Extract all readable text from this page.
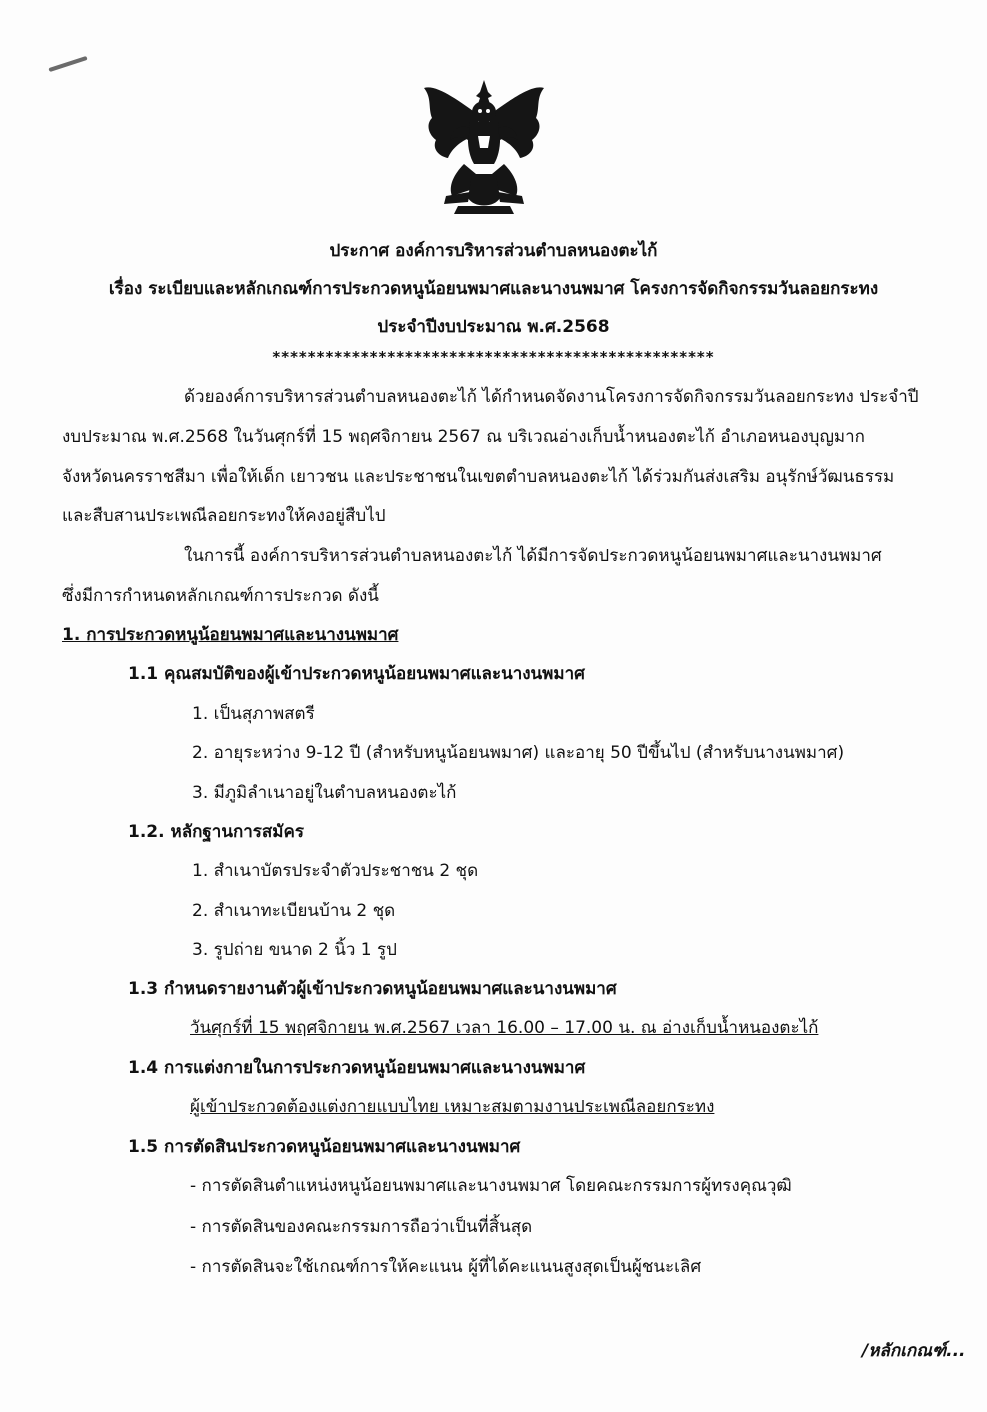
ประกาศ องค์การบริหารส่วนตำบลหนองตะไก้
เรื่อง ระเบียบและหลักเกณฑ์การประกวดหนูน้อยนพมาศและนางนพมาศ โครงการจัดกิจกรรมวันลอยกระทง
ประจำปีงบประมาณ พ.ศ.2568
**************************************************
ด้วยองค์การบริหารส่วนตำบลหนองตะไก้ ได้กำหนดจัดงานโครงการจัดกิจกรรมวันลอยกระทง ประจำปี
งบประมาณ พ.ศ.2568 ในวันศุกร์ที่ 15 พฤศจิกายน 2567 ณ บริเวณอ่างเก็บน้ำหนองตะไก้ อำเภอหนองบุญมาก
จังหวัดนครราชสีมา เพื่อให้เด็ก เยาวชน และประชาชนในเขตตำบลหนองตะไก้ ได้ร่วมกันส่งเสริม อนุรักษ์วัฒนธรรม
และสืบสานประเพณีลอยกระทงให้คงอยู่สืบไป
ในการนี้ องค์การบริหารส่วนตำบลหนองตะไก้ ได้มีการจัดประกวดหนูน้อยนพมาศและนางนพมาศ
ซึ่งมีการกำหนดหลักเกณฑ์การประกวด ดังนี้
1. การประกวดหนูน้อยนพมาศและนางนพมาศ
1.1 คุณสมบัติของผู้เข้าประกวดหนูน้อยนพมาศและนางนพมาศ
1. เป็นสุภาพสตรี
2. อายุระหว่าง 9-12 ปี (สำหรับหนูน้อยนพมาศ) และอายุ 50 ปีขึ้นไป (สำหรับนางนพมาศ)
3. มีภูมิลำเนาอยู่ในตำบลหนองตะไก้
1.2. หลักฐานการสมัคร
1. สำเนาบัตรประจำตัวประชาชน 2 ชุด
2. สำเนาทะเบียนบ้าน 2 ชุด
3. รูปถ่าย ขนาด 2 นิ้ว 1 รูป
1.3 กำหนดรายงานตัวผู้เข้าประกวดหนูน้อยนพมาศและนางนพมาศ
วันศุกร์ที่ 15 พฤศจิกายน พ.ศ.2567 เวลา 16.00 – 17.00 น. ณ อ่างเก็บน้ำหนองตะไก้
1.4 การแต่งกายในการประกวดหนูน้อยนพมาศและนางนพมาศ
ผู้เข้าประกวดต้องแต่งกายแบบไทย เหมาะสมตามงานประเพณีลอยกระทง
1.5 การตัดสินประกวดหนูน้อยนพมาศและนางนพมาศ
- การตัดสินตำแหน่งหนูน้อยนพมาศและนางนพมาศ โดยคณะกรรมการผู้ทรงคุณวุฒิ
- การตัดสินของคณะกรรมการถือว่าเป็นที่สิ้นสุด
- การตัดสินจะใช้เกณฑ์การให้คะแนน ผู้ที่ได้คะแนนสูงสุดเป็นผู้ชนะเลิศ
/หลักเกณฑ์...
